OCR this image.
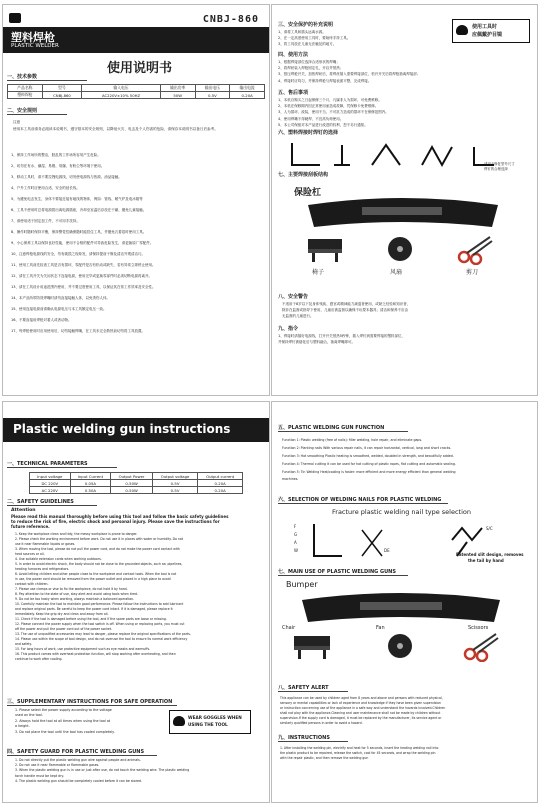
CNBJ-860
塑料焊枪
PLASTIC WELDER
使用说明书
一、技术参数
产品名称	型号	输入电压	输出功率	输出电压	输出电流
塑料焊枪	CNBJ-860	AC220V±10% 50HZ	50W	0-5V	0-20A
二、安全规则
注意
使用本工具前请务必阅读本说明书，遵守基本的安全规则，以降低火灾、电击及个人伤害的危险，请保存本说明书以备日后参考。
1、保持工作场所的整洁，脏乱的工作场所容易产生危险。
2、切勿在有水、潮湿、易燃、易爆、有粉尘等环境下使用。
3、移动工具时，请不要拉拽电源线，切勿使电源线与热源、油品接触。
4、户外工作时应使用合适、安全的延长线。
5、为避免电击发生，身体不要接近接有地线的物体，例如：管线、暖气炉及电冰箱等
6、工具不使用时总将电源拔出离电源插座，冷却至室温后存放在干燥、避免儿童接触。
7、请使用适于固定加工件，不可用手扶持。
8、操作时随时保持平衡，保持警觉性确保随时能控住工具，并避免衣着卷时使用工具。
9、小心保养工具以保持良好性能，使用不合格的配件可导致危险发生，请更换原厂零配件。
10、注意焊枪电源线的安全，勿有破损之现象发，请保持提前于修及清洁外观清洁巧。
11、使用工具前先检查工具是否有损坏，零配件是否有松动或缺失，若有异常立即停止使用。
12、请在工具开关为关闭状态下连接电源，使用完毕或更换零部件时必须切断电源再离开。
13、请在工具设计用途范围内使用，并不要过度使用工具，以保证其在常工作效率及安全性。
14、本产品所带防烫焊嘴时请勿直接接触人体，以免烫伤人体。
15、使用连接电源前请确认电源电压与本工具额定电压一致。
16、不要直接用焊枪对着人或者动物。
17、每焊枪使用时应用使用后，切勿接触焊嘴，在工具未完全散热前切勿将工具放置。
三、安全保护的补充说明
1、请将工具和插头远离水源。
2、在一定高度使用工具时，要始终手持工具。
3、将工具放在儿童无法触及的地方。
使用工具时
应佩戴护目镜
四、使用方法
1、根据焊接部位选择合适形状的焊嘴；
2、将焊丝装入焊枪固定孔，开启并预热；
3、按压焊枪开关，加热焊丝后，将焊丝插入需要焊接部位，松开开关后将焊枪抽离焊接部；
4、焊接时应均匀，并保持焊枪与焊接表面平整，完成焊接。
五、售后事项
1、本机自购买之日起保修三个月，凡属非人为损坏，可免费维修。
2、本机在保修期内因正常使用而造成故障，凭保修卡免费维修。
3、人为损坏、改装，使用不当、不可抗力造成的损坏不在保修范围内。
4、使用焊嘴不得硬焊、不宜高负荷使用。
5、本公司保留对本产品进行改进的权利，恕不另行通知。
六、塑料焊接时焊钉的选择
适用于修复型号尺寸
焊钉的合理选择
七、主要焊接刮板结构
保险杠
椅子	风扇	剪刀
八、安全警告
不适用于8岁以下及身体残疾、感官或精神能力减退者使用，或缺乏经验和知识者，
除非在监督或指导下使用，儿童应被监督以确保不玩耍本器具；清洁和保养不应由
无监督的儿童进行。
九、指令
1、焊接时请插好电源线，打开开关预热5秒钟，插入焊钉到需要焊接的塑料部位，
并保持焊钉被熔化后与塑料融合，抽离焊嘴即可。
Plastic welding gun instructions
一、TECHNICAL PARAMETERS
Input voltage	Input Current	Output Power	Output voltage	Output current
DC 220V	0.05A	0-50W	0-5V	0-20A
AC 220V	0.50A	0-50W	0-5V	0-20A
二、SAFETY GUIDELINES
Attention
Please read this manual thoroughly before using this tool and follow the basic safety guidelines
to reduce the risk of fire, electric shock and personal injury. Please save the instructions for
future reference.
1. Keep the workplace clean and tidy; the messy workplace is prone to danger.
2. Please check the working environment before work. Do not use it in places with water or humidity. Do not
use it near flammable liquids or gases.
3. When moving the tool, please do not pull the power cord, and do not make the power cord contact with
heat sources or oil.
4. Use suitable extension cords when working outdoors.
5. In order to avoid electric shock, the body should not be close to the grounded objects, such as: pipelines,
heating furnaces and refrigerators.
6. Avoid letting children and other people close to the workpiece and contact tools. When the tool is not
in use, the power cord should be removed from the power outlet and placed in a high place to avoid
contact with children.
7. Please use clamps or vise to fix the workpiece, do not hold it by hand.
8. Pay attention to the state of use, stay alert and avoid using tools when tired.
9. Do not be too hasty when working, always maintain a balanced operation.
10. Carefully maintain the tool to maintain good performance. Please follow the instructions to add lubricant
and replace original parts. Be careful to keep the power cord intact. If it is damaged, please replace it
immediately. Keep the grip dry and clean and away from oil.
11. Check if the tool is damaged before using the tool, and if the spare parts are loose or missing.
12. Please connect the power supply when the tool switch is off. When using or replacing parts, you must cut
off the power and pull the power cord out of the power socket.
13. The use of unqualified accessories may lead to danger, please replace the original specifications of the parts.
14. Please use within the scope of tool design, and do not overuse the tool to ensure its normal work efficiency
and safety.
15. For long hours of work, use protective equipment such as eye masks and earmuffs.
16. This product comes with overheat protection function, will stop working after overheating, and then
continue to work after cooling.
三、SUPPLEMENTARY INSTRUCTIONS FOR SAFE OPERATION
1. Please select the power supply according to the voltage
used on the tool.
2. Always hold the tool at all times when using the tool at
a height.
3. Do not place the tool until the tool has cooled completely.
WEAR GOGGLES WHEN
USING THE TOOL
四、SAFETY GUARD FOR PLASTIC WELDING GUNS
1. Do not directly put the plastic welding gun wire against people and animals.
2. Do not use it near flammable or flammable gases.
3. When the plastic welding gun is in use or just after use, do not touch the welding wire. The plastic welding
torch handle must be kept dry.
4. The plastic welding gun should be completely cooled before it can be stored.
五、PLASTIC WELDING GUN FUNCTION
Function 1: Plastic welding (free of nails): filler welding, hole repair, and eliminate gaps.
Function 2: Planting nails With various repair nails, it can repair horizontal, vertical, long and short cracks.
Function 3: Hot smoothing Plastic heating is smoothed, welded, doubled in strength, and beautifully added.
Function 4: Thermal cutting It can be used for hot cutting of plastic ropes, flat cutting and automatic sealing.
Function 5: Tin Welding Heat/cooling is faster: more efficient and more energy efficient than general welding
machines.
六、SELECTION OF WELDING NAILS FOR PLASTIC WELDING
Fracture plastic welding nail type selection
F
G
A
W	DE
S/C
Patented slit design, removes
the tail by hand
七、MAIN USE OF PLASTIC WELDING GUNS
Bumper
Chair	Fan	Scissors
八、SAFETY ALERT
This appliance can be used by children aged from 8 years and above and persons with reduced physical,
sensory or mental capabilities or lack of experience and knowledge if they have been given supervision
or instruction concerning use of the appliance in a safe way and understand the hazards involved.Children
shall not play with the appliance.Cleaning and user maintenance shall not be made by children without
supervision.If the supply cord is damaged, it must be replaced by the manufacturer, its service agent or
similarly qualified persons in order to avoid a hazard.
九、INSTRUCTIONS
1. After installing the welding pin, electrify and heat for 5 seconds, insert the heating welding nail into
the plastic product to be repaired, release the switch, cool for 45 seconds, and wrap the welding pin
with the repair plastic, and then remove the welding gun
